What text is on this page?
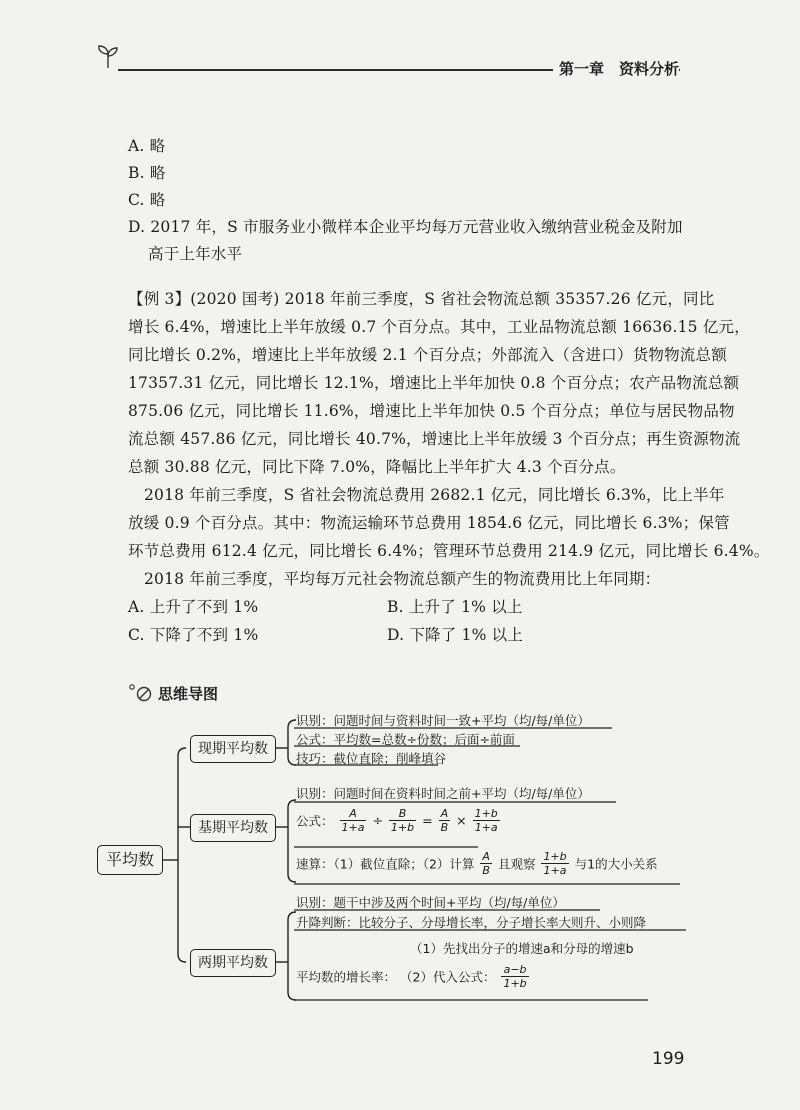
第一章　资料分析
A. 略
B. 略
C. 略
D. 2017 年，S 市服务业小微样本企业平均每万元营业收入缴纳营业税金及附加
高于上年水平
【例 3】(2020 国考) 2018 年前三季度，S 省社会物流总额 35357.26 亿元，同比
增长 6.4%，增速比上半年放缓 0.7 个百分点。其中，工业品物流总额 16636.15 亿元，
同比增长 0.2%，增速比上半年放缓 2.1 个百分点；外部流入（含进口）货物物流总额
17357.31 亿元，同比增长 12.1%，增速比上半年加快 0.8 个百分点；农产品物流总额
875.06 亿元，同比增长 11.6%，增速比上半年加快 0.5 个百分点；单位与居民物品物
流总额 457.86 亿元，同比增长 40.7%，增速比上半年放缓 3 个百分点；再生资源物流
总额 30.88 亿元，同比下降 7.0%，降幅比上半年扩大 4.3 个百分点。
2018 年前三季度，S 省社会物流总费用 2682.1 亿元，同比增长 6.3%，比上半年
放缓 0.9 个百分点。其中：物流运输环节总费用 1854.6 亿元，同比增长 6.3%；保管
环节总费用 612.4 亿元，同比增长 6.4%；管理环节总费用 214.9 亿元，同比增长 6.4%。
2018 年前三季度，平均每万元社会物流总额产生的物流费用比上年同期：
A. 上升了不到 1%	B. 上升了 1% 以上
C. 下降了不到 1%	D. 下降了 1% 以上
思维导图
平均数
现期平均数
基期平均数
两期平均数
识别：问题时间与资料时间一致+平均（均/每/单位）
公式：平均数=总数÷份数；后面÷前面
技巧：截位直除；削峰填谷
识别：问题时间在资料时间之前+平均（均/每/单位）
公式： $\frac{A}{1+a} \div \frac{B}{1+b} = \frac{A}{B} \times \frac{1+b}{1+a}$
速算：（1）截位直除；（2）计算 $\frac{A}{B}$ 且观察 $\frac{1+b}{1+a}$ 与1的大小关系
识别：题干中涉及两个时间+平均（均/每/单位）
升降判断：比较分子、分母增长率，分子增长率大则升、小则降
（1）先找出分子的增速a和分母的增速b
平均数的增长率： （2）代入公式： $\frac{a-b}{1+b}$
199
